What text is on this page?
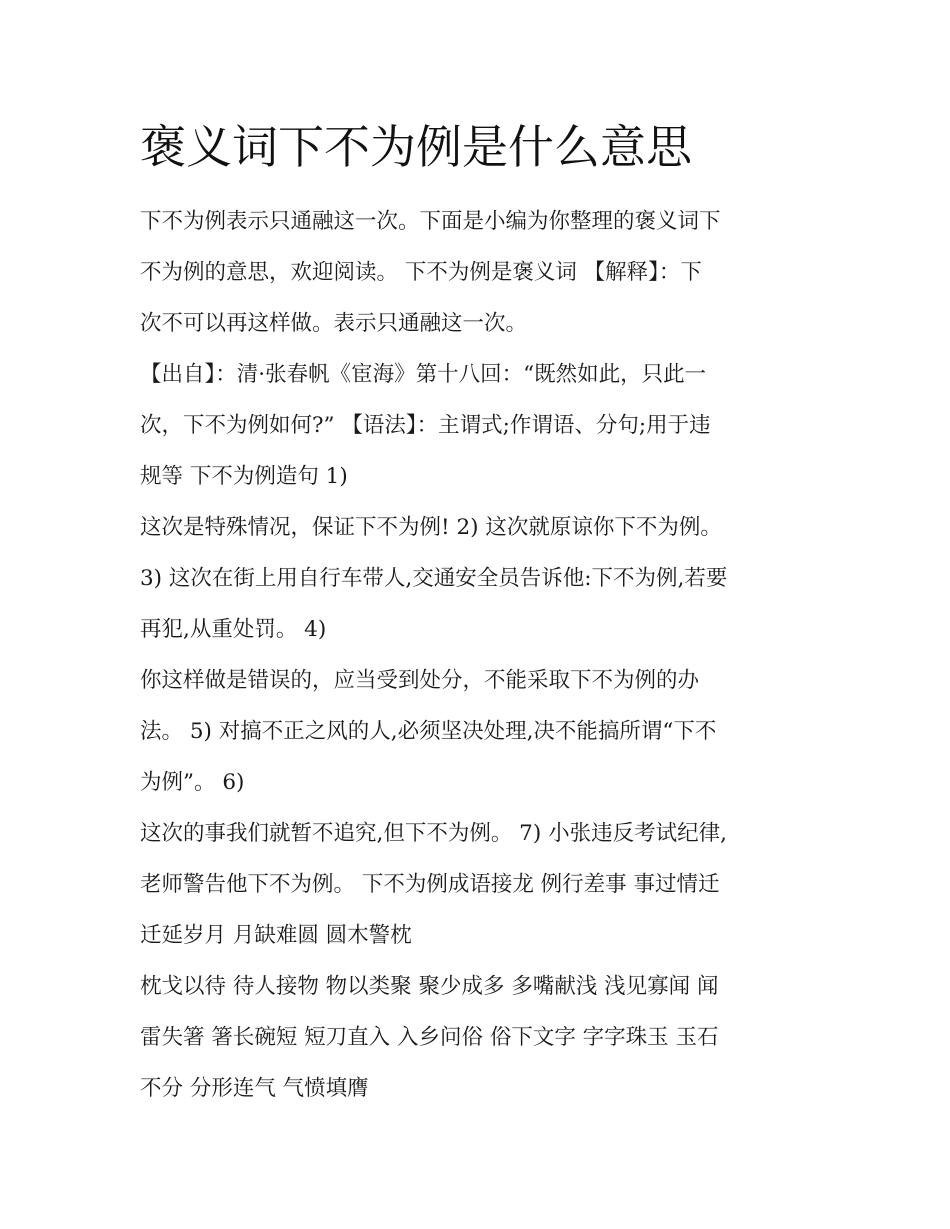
褒义词下不为例是什么意思
下不为例表示只通融这一次。下面是小编为你整理的褒义词下
不为例的意思，欢迎阅读。 下不为例是褒义词 【解释】：下
次不可以再这样做。表示只通融这一次。
【出自】：清·张春帆《宦海》第十八回：“既然如此，只此一
次，下不为例如何?” 【语法】：主谓式;作谓语、分句;用于违
规等 下不为例造句 1)
这次是特殊情况，保证下不为例! 2) 这次就原谅你下不为例。
3) 这次在街上用自行车带人,交通安全员告诉他:下不为例,若要
再犯,从重处罚。 4)
你这样做是错误的，应当受到处分，不能采取下不为例的办
法。 5) 对搞不正之风的人,必须坚决处理,决不能搞所谓“下不
为例”。 6)
这次的事我们就暂不追究,但下不为例。 7) 小张违反考试纪律,
老师警告他下不为例。 下不为例成语接龙 例行差事 事过情迁
迁延岁月 月缺难圆 圆木警枕
枕戈以待 待人接物 物以类聚 聚少成多 多嘴献浅 浅见寡闻 闻
雷失箸 箸长碗短 短刀直入 入乡问俗 俗下文字 字字珠玉 玉石
不分 分形连气 气愤填膺
